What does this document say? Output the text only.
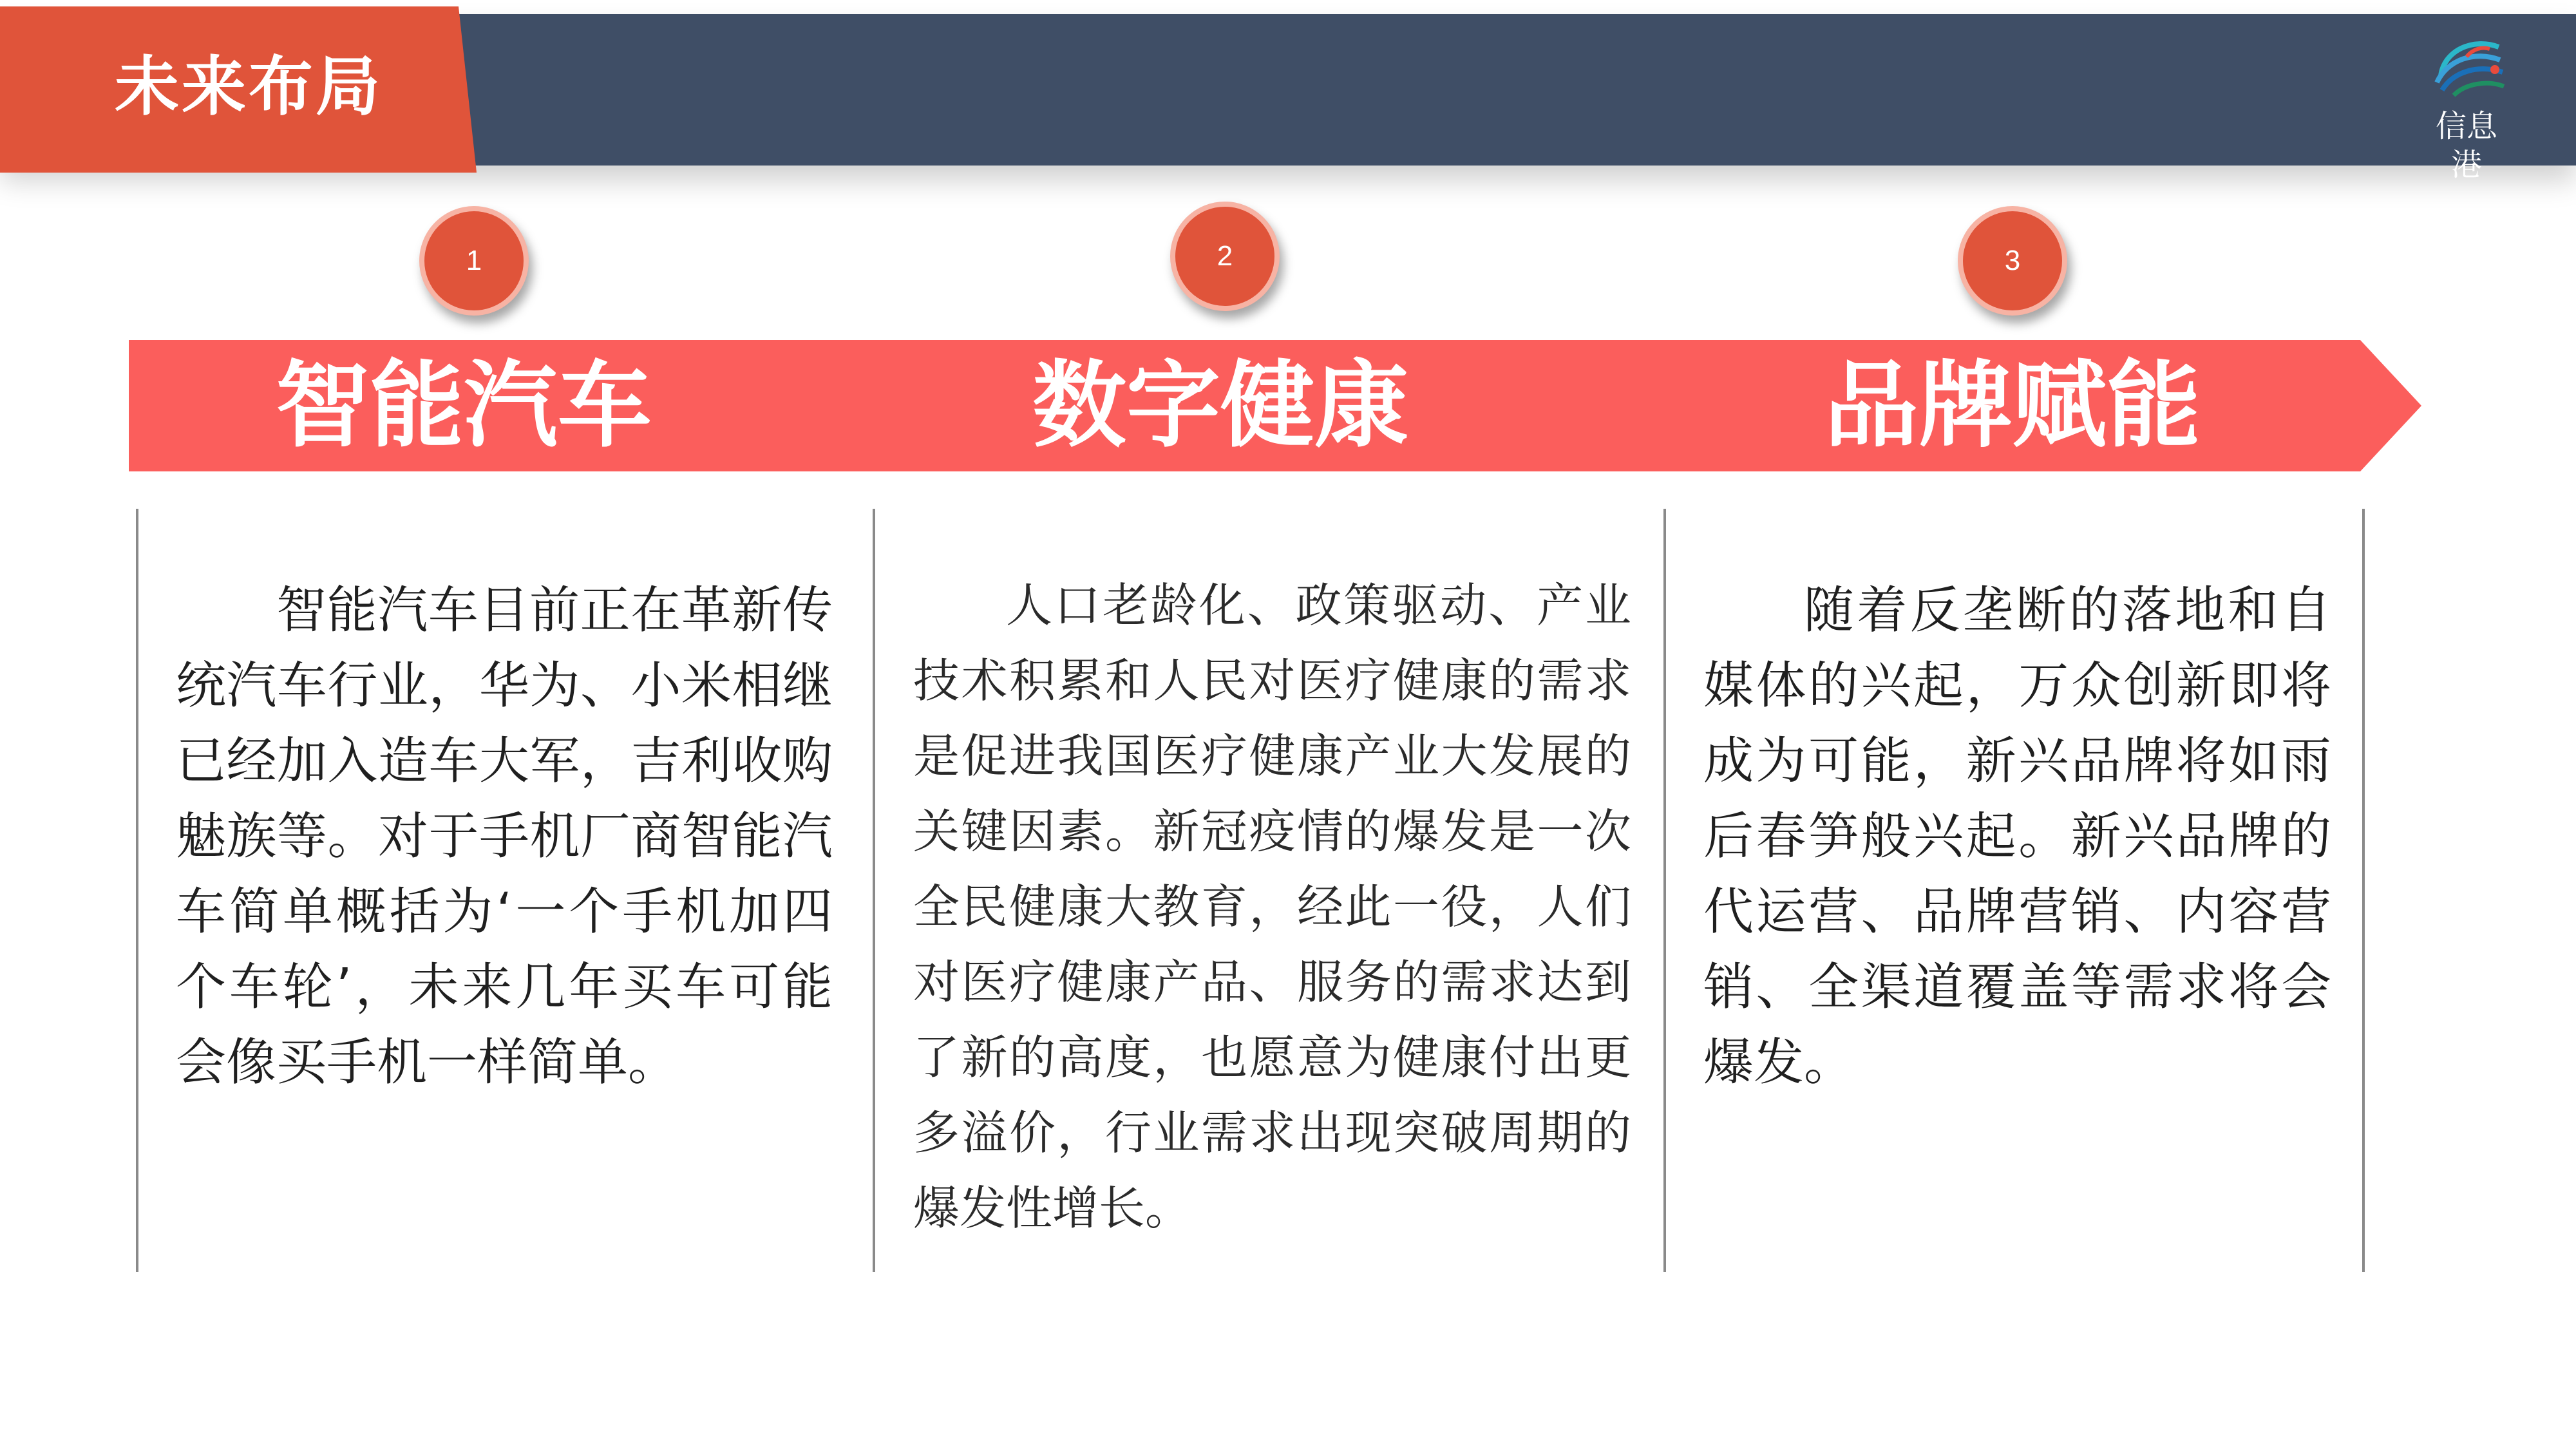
未来布局
信息港
1	2	3
智能汽车	数字健康	品牌赋能

智能汽车目前正在革新传统汽车行业，华为、小米相继已经加入造车大军，吉利收购魅族等。对于手机厂商智能汽车简单概括为‘一个手机加四个车轮’，未来几年买车可能会像买手机一样简单。

人口老龄化、政策驱动、产业技术积累和人民对医疗健康的需求是促进我国医疗健康产业大发展的关键因素。新冠疫情的爆发是一次全民健康大教育，经此一役，人们对医疗健康产品、服务的需求达到了新的高度，也愿意为健康付出更多溢价，行业需求出现突破周期的爆发性增长。

随着反垄断的落地和自媒体的兴起，万众创新即将成为可能，新兴品牌将如雨后春笋般兴起。新兴品牌的代运营、品牌营销、内容营销、全渠道覆盖等需求将会爆发。
